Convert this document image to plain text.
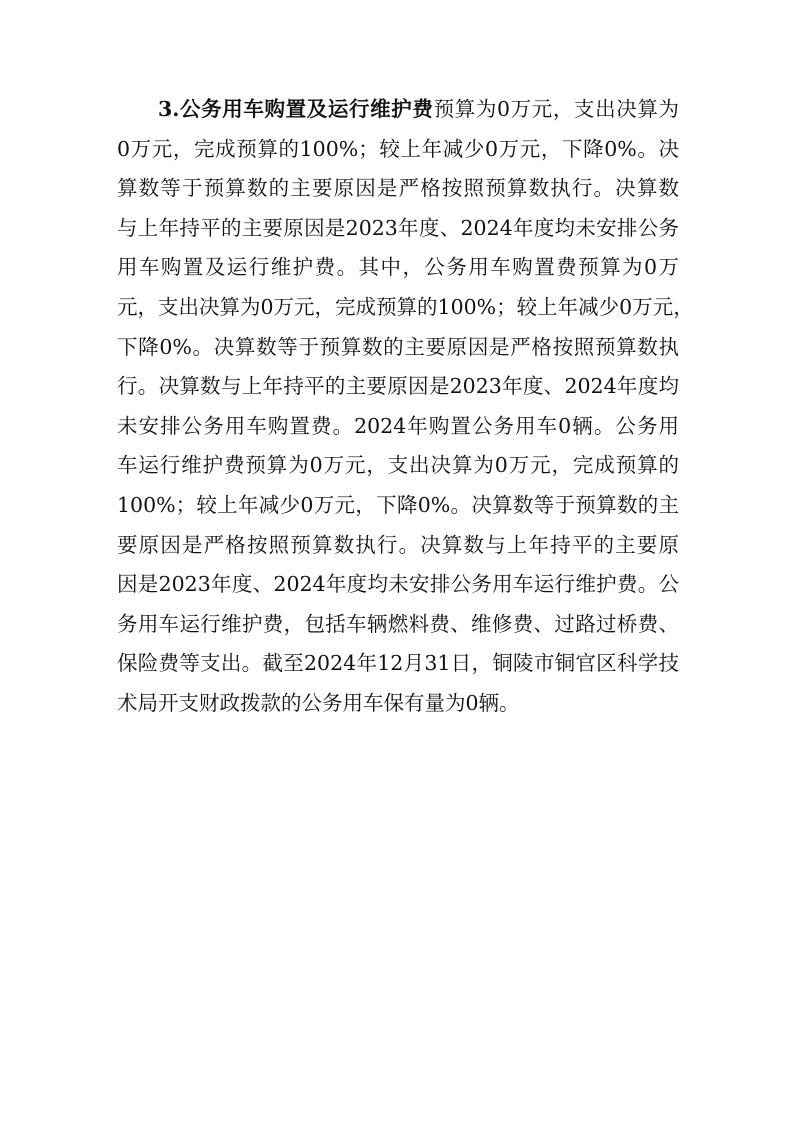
3.公务用车购置及运行维护费预算为0万元，支出决算为
0万元，完成预算的100%；较上年减少0万元，下降0%。决
算数等于预算数的主要原因是严格按照预算数执行。决算数
与上年持平的主要原因是2023年度、2024年度均未安排公务
用车购置及运行维护费。其中，公务用车购置费预算为0万
元，支出决算为0万元，完成预算的100%；较上年减少0万元，
下降0%。决算数等于预算数的主要原因是严格按照预算数执
行。决算数与上年持平的主要原因是2023年度、2024年度均
未安排公务用车购置费。2024年购置公务用车0辆。公务用
车运行维护费预算为0万元，支出决算为0万元，完成预算的
100%；较上年减少0万元，下降0%。决算数等于预算数的主
要原因是严格按照预算数执行。决算数与上年持平的主要原
因是2023年度、2024年度均未安排公务用车运行维护费。公
务用车运行维护费，包括车辆燃料费、维修费、过路过桥费、
保险费等支出。截至2024年12月31日，铜陵市铜官区科学技
术局开支财政拨款的公务用车保有量为0辆。
